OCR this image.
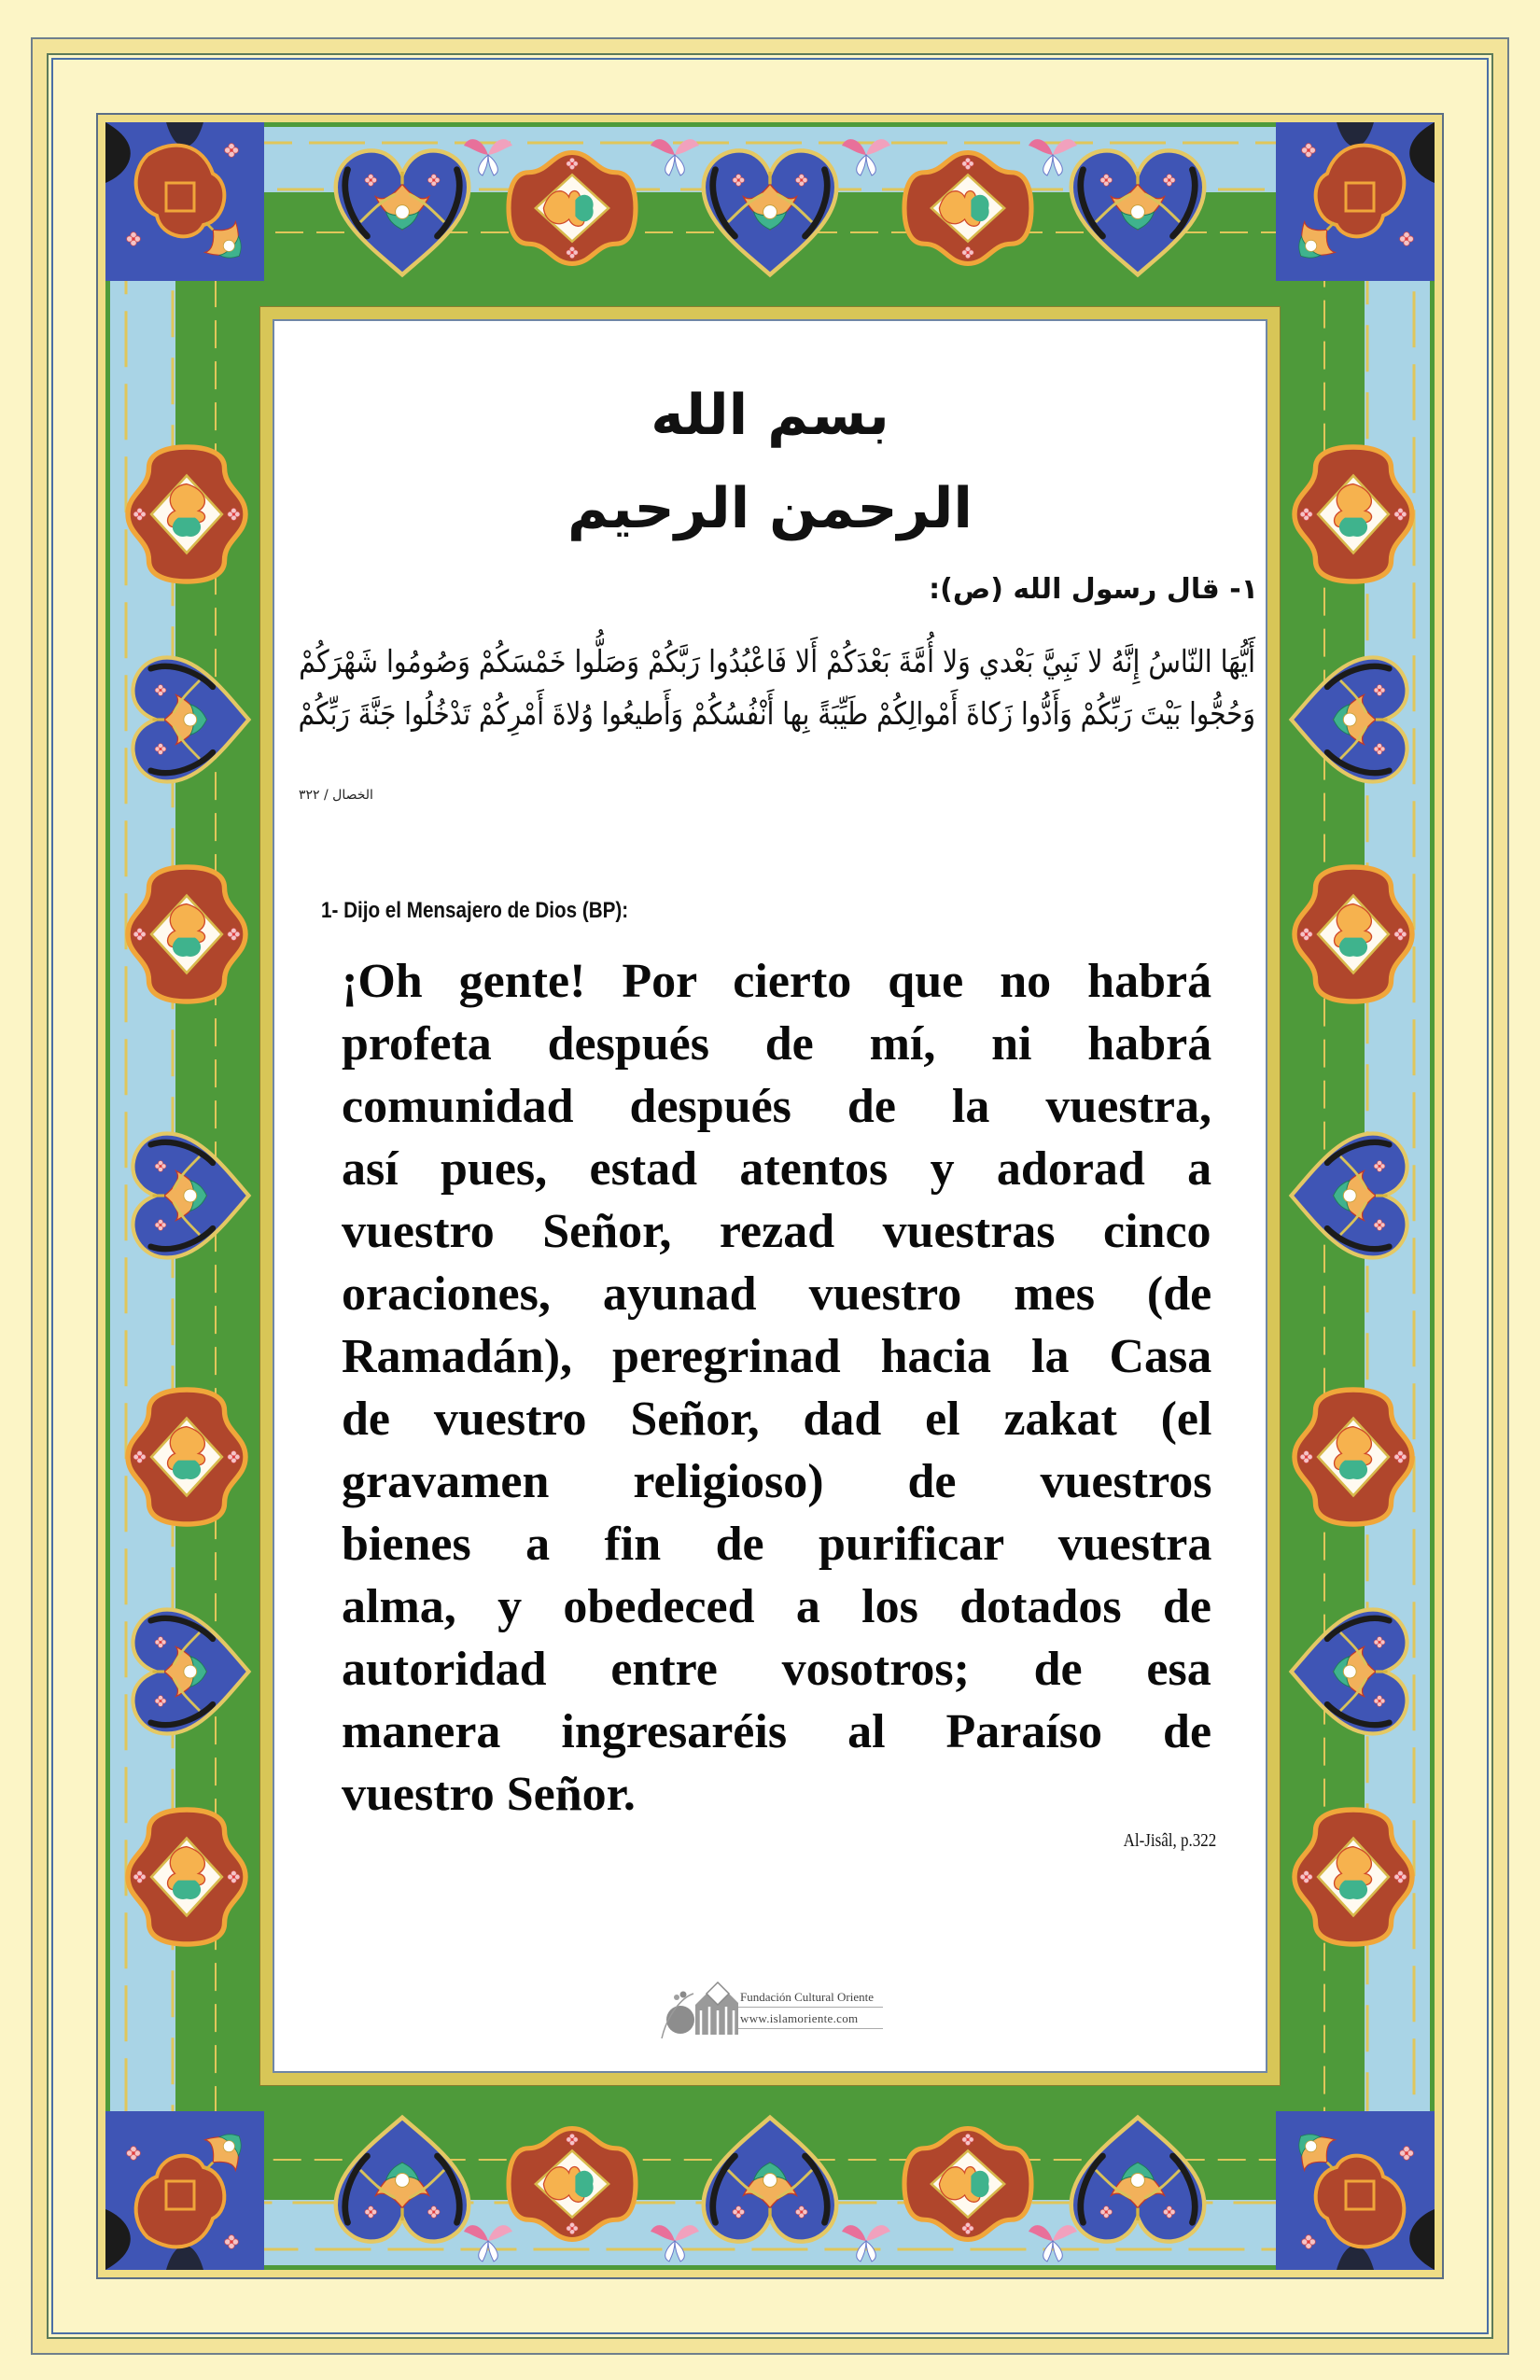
بسم الله الرحمن الرحيم
١- قال رسول الله (ص):
أَيُّهَا النّاسُ إِنَّهُ لا نَبِيَّ بَعْدي وَلا أُمَّةَ بَعْدَكُمْ أَلا فَاعْبُدُوا رَبَّكُمْ وَصَلُّوا خَمْسَكُمْ وَصُومُوا شَهْرَكُمْ
وَحُجُّوا بَيْتَ رَبِّكُمْ وَأَدُّوا زَكاةَ أَمْوالِكُمْ طَيِّبَةً بِها أَنْفُسُكُمْ وَأَطيعُوا وُلاةَ أَمْرِكُمْ تَدْخُلُوا جَنَّةَ رَبِّكُمْ
الخصال / ٣٢٢
1- Dijo el Mensajero de Dios (BP):
¡Oh gente! Por cierto que no habrá
profeta después de mí, ni habrá
comunidad después de la vuestra,
así pues, estad atentos y adorad a
vuestro Señor, rezad vuestras cinco
oraciones, ayunad vuestro mes (de
Ramadán), peregrinad hacia la Casa
de vuestro Señor, dad el zakat (el
gravamen religioso) de vuestros
bienes a fin de purificar vuestra
alma, y obedeced a los dotados de
autoridad entre vosotros; de esa
manera ingresaréis al Paraíso de
vuestro Señor.
Al-Jisâl, p.322
Fundación Cultural Oriente
www.islamoriente.com
